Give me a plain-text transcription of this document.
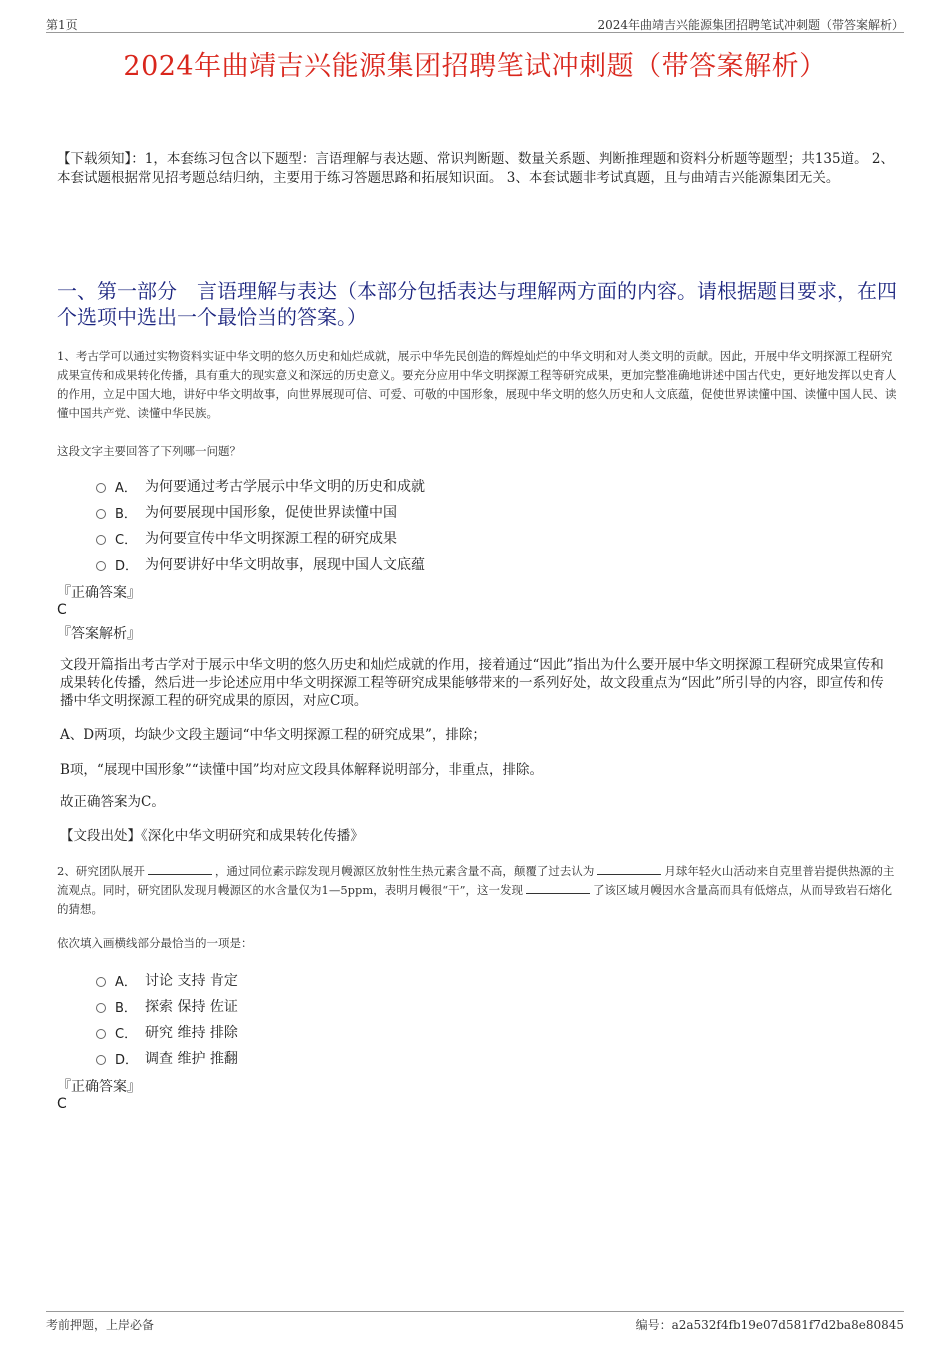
第1页	2024年曲靖吉兴能源集团招聘笔试冲刺题（带答案解析）
2024年曲靖吉兴能源集团招聘笔试冲刺题（带答案解析）
【下载须知】：1，本套练习包含以下题型：言语理解与表达题、常识判断题、数量关系题、判断推理题和资料分析题等题型；共135道。 2、本套试题根据常见招考题总结归纳，主要用于练习答题思路和拓展知识面。 3、本套试题非考试真题，且与曲靖吉兴能源集团无关。
一、第一部分　言语理解与表达（本部分包括表达与理解两方面的内容。请根据题目要求，在四个选项中选出一个最恰当的答案。）
1、考古学可以通过实物资料实证中华文明的悠久历史和灿烂成就，展示中华先民创造的辉煌灿烂的中华文明和对人类文明的贡献。因此，开展中华文明探源工程研究成果宣传和成果转化传播，具有重大的现实意义和深远的历史意义。要充分应用中华文明探源工程等研究成果，更加完整准确地讲述中国古代史，更好地发挥以史育人的作用，立足中国大地，讲好中华文明故事，向世界展现可信、可爱、可敬的中国形象，展现中华文明的悠久历史和人文底蕴，促使世界读懂中国、读懂中国人民、读懂中国共产党、读懂中华民族。
这段文字主要回答了下列哪一问题？
A． 为何要通过考古学展示中华文明的历史和成就
B． 为何要展现中国形象，促使世界读懂中国
C． 为何要宣传中华文明探源工程的研究成果
D． 为何要讲好中华文明故事，展现中国人文底蕴
『正确答案』
C
『答案解析』
文段开篇指出考古学对于展示中华文明的悠久历史和灿烂成就的作用，接着通过“因此”指出为什么要开展中华文明探源工程研究成果宣传和成果转化传播，然后进一步论述应用中华文明探源工程等研究成果能够带来的一系列好处，故文段重点为“因此”所引导的内容，即宣传和传播中华文明探源工程的研究成果的原因，对应C项。
A、D两项，均缺少文段主题词“中华文明探源工程的研究成果”，排除；
B项，“展现中国形象”“读懂中国”均对应文段具体解释说明部分，非重点，排除。
故正确答案为C。
【文段出处】《深化中华文明研究和成果转化传播》
2、研究团队展开	，通过同位素示踪发现月幔源区放射性生热元素含量不高，颠覆了过去认为	月球年轻火山活动来自克里普岩提供热源的主流观点。同时，研究团队发现月幔源区的水含量仅为1—5ppm，表明月幔很“干”，这一发现	了该区域月幔因水含量高而具有低熔点，从而导致岩石熔化的猜想。
依次填入画横线部分最恰当的一项是：
A． 讨论 支持 肯定
B． 探索 保持 佐证
C． 研究 维持 排除
D． 调查 维护 推翻
『正确答案』
C
考前押题，上岸必备	编号：a2a532f4fb19e07d581f7d2ba8e80845
